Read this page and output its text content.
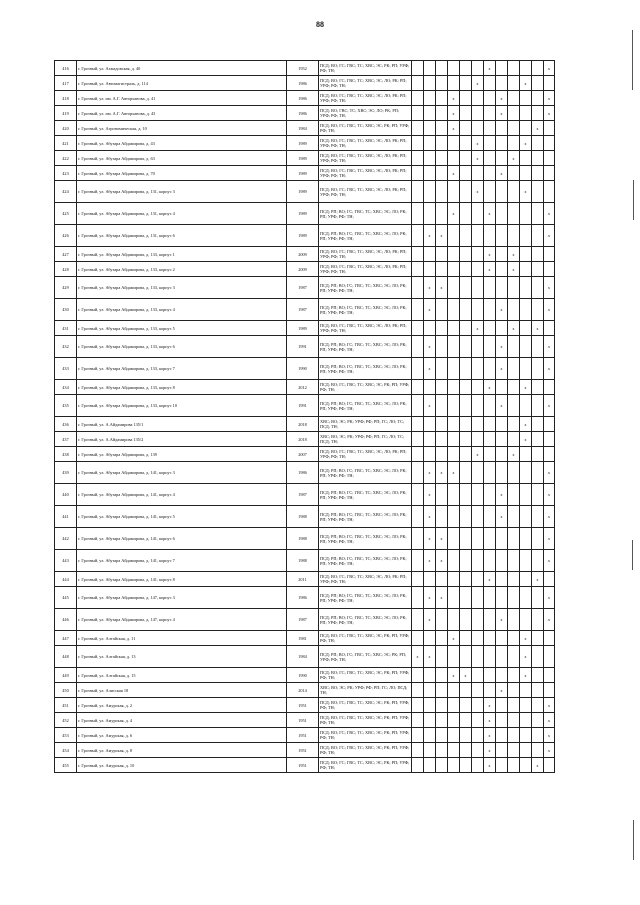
88
416	г. Грозный, ул. Ахмадовская, д. 40	1952	ПСД; ВО; ГС; ГВС; ТС; ХВС; ЭС; РК; РП; УРФ; РФ; ТН;							x					x
417	г. Грозный, ул. Автомагистраль, д. 114	1986	ПСД; ВО; ГС; ГВС; ТС; ХВС; ЭС; ЛО; РК; РП; УРФ; РФ; ТН;						x				x		
418	г. Грозный, ул. им. А.Г. Авторханова, д. 41	1986	ПСД; ВО; ГС; ГВС; ТС; ХВС; ЭС; ЛО; РК; РП; УРФ; РФ; ТН;				x				x				x
419	г. Грозный, ул. им. А.Г. Авторханова, д. 43	1986	ПСД; ВО; ГВС; ТС; ХВС; ЭС; ЛО; РК; РП; УРФ; РФ; ТН;				x				x				x
420	г. Грозный, ул. Агрономическая, д. 10	1984	ПСД; ВО; ГС; ГВС; ТС; ХВС; ЭС; РК; РП; УРФ; РФ; ТН;				x							x	
421	г. Грозный, ул. Абузара Айдамирова, д. 43	1989	ПСД; ВО; ГС; ГВС; ТС; ХВС; ЭС; ЛО; РК; РП; УРФ; РФ; ТН;						x				x		
422	г. Грозный, ул. Абузара Айдамирова, д. 63	1989	ПСД; ВО; ГС; ГВС; ТС; ХВС; ЭС; ЛО; РК; РП; УРФ; РФ; ТН;						x			x			
423	г. Грозный, ул. Абузара Айдамирова, д. 70	1989	ПСД; ВО; ГС; ГВС; ТС; ХВС; ЭС; ЛО; РК; РП; УРФ; РФ; ТН;				x				x				
424	г. Грозный, ул. Абузара Айдамирова, д. 131, корпус 3	1989	ПСД; ВО; ГС; ГВС; ТС; ХВС; ЭС; ЛО; РК; РП; УРФ; РФ; ТН;						x				x		
425	г. Грозный, ул. Абузара Айдамирова, д. 131, корпус 4	1989	ПСД; РП; ВО; ГС; ГВС; ТС; ХВС; ЭС; ЛО; РК; РП; УРФ; РФ; ТН;				x			x					x
426	г. Грозный, ул. Абузара Айдамирова, д. 131, корпус 6	1989	ПСД; РП; ВО; ГС; ГВС; ТС; ХВС; ЭС; ЛО; РК; РП; УРФ; РФ; ТН;		x	x									x
427	г. Грозный, ул. Абузара Айдамирова, д. 133, корпус 1	2009	ПСД; ВО; ГС; ГВС; ТС; ХВС; ЭС; ЛО; РК; РП; УРФ; РФ; ТН;							x		x			
428	г. Грозный, ул. Абузара Айдамирова, д. 133, корпус 2	2009	ПСД; ВО; ГС; ГВС; ТС; ХВС; ЭС; ЛО; РК; РП; УРФ; РФ; ТН;							x		x			
429	г. Грозный, ул. Абузара Айдамирова, д. 133, корпус 3	1987	ПСД; РП; ВО; ГС; ГВС; ТС; ХВС; ЭС; ЛО; РК; РП; УРФ; РФ; ТН;		x	x									x
430	г. Грозный, ул. Абузара Айдамирова, д. 133, корпус 4	1987	ПСД; РП; ВО; ГС; ГВС; ТС; ХВС; ЭС; ЛО; РК; РП; УРФ; РФ; ТН;		x						x				x
431	г. Грозный, ул. Абузара Айдамирова, д. 133, корпус 5	1989	ПСД; ВО; ГС; ГВС; ТС; ХВС; ЭС; ЛО; РК; РП; УРФ; РФ; ТН;						x			x		x	
432	г. Грозный, ул. Абузара Айдамирова, д. 133, корпус 6	1991	ПСД; РП; ВО; ГС; ГВС; ТС; ХВС; ЭС; ЛО; РК; РП; УРФ; РФ; ТН;		x						x				x
433	г. Грозный, ул. Абузара Айдамирова, д. 133, корпус 7	1990	ПСД; РП; ВО; ГС; ГВС; ТС; ХВС; ЭС; ЛО; РК; РП; УРФ; РФ; ТН;		x						x				x
434	г. Грозный, ул. Абузара Айдамирова, д. 133, корпус 8	2012	ПСД; ВО; ГС; ГВС; ТС; ХВС; ЭС; РК; РП; УРФ; РФ; ТН;							x			x		
435	г. Грозный, ул. Абузара Айдамирова, д. 133, корпус 10	1991	ПСД; РП; ВО; ГС; ГВС; ТС; ХВС; ЭС; ЛО; РК; РП; УРФ; РФ; ТН;		x						x				x
436	г. Грозный, ул. А.Айдамирова 135/1	2018	ХВС; ВО; ЭС; РК; УРФ; РФ; РП; ГС; ЛО; ТС; ПСД; ТН;										x		
437	г. Грозный, ул. А.Айдамирова 135/2	2018	ХВС; ВО; ЭС; РК; УРФ; РФ; РП; ГС; ЛО; ТС; ПСД; ТН;										x		
438	г. Грозный, ул. Абузара Айдамирова, д. 139	2007	ПСД; ВО; ГС; ГВС; ТС; ХВС; ЭС; ЛО; РК; РП; УРФ; РФ; ТН;						x			x			
439	г. Грозный, ул. Абузара Айдамирова, д. 141, корпус 3	1986	ПСД; РП; ВО; ГС; ГВС; ТС; ХВС; ЭС; ЛО; РК; РП; УРФ; РФ; ТН;		x	x	x								x
440	г. Грозный, ул. Абузара Айдамирова, д. 141, корпус 4	1987	ПСД; РП; ВО; ГС; ГВС; ТС; ХВС; ЭС; ЛО; РК; РП; УРФ; РФ; ТН;		x						x				x
441	г. Грозный, ул. Абузара Айдамирова, д. 141, корпус 5	1988	ПСД; РП; ВО; ГС; ГВС; ТС; ХВС; ЭС; ЛО; РК; РП; УРФ; РФ; ТН;		x						x				x
442	г. Грозный, ул. Абузара Айдамирова, д. 141, корпус 6	1988	ПСД; РП; ВО; ГС; ГВС; ТС; ХВС; ЭС; ЛО; РК; РП; УРФ; РФ; ТН;		x	x									x
443	г. Грозный, ул. Абузара Айдамирова, д. 141, корпус 7	1988	ПСД; РП; ВО; ГС; ГВС; ТС; ХВС; ЭС; ЛО; РК; РП; УРФ; РФ; ТН;		x	x									x
444	г. Грозный, ул. Абузара Айдамирова, д. 141, корпус 8	2011	ПСД; ВО; ГС; ГВС; ТС; ХВС; ЭС; ЛО; РК; РП; УРФ; РФ; ТН;							x				x	
445	г. Грозный, ул. Абузара Айдамирова, д. 147, корпус 3	1986	ПСД; РП; ВО; ГС; ГВС; ТС; ХВС; ЭС; ЛО; РК; РП; УРФ; РФ; ТН;		x	x									x
446	г. Грозный, ул. Абузара Айдамирова, д. 147, корпус 4	1987	ПСД; РП; ВО; ГС; ГВС; ТС; ХВС; ЭС; ЛО; РК; РП; УРФ; РФ; ТН;		x						x				x
447	г. Грозный, ул. Алтайская, д. 11	1981	ПСД; ВО; ГС; ГВС; ТС; ХВС; ЭС; РК; РП; УРФ; РФ; ТН;				x						x		
448	г. Грозный, ул. Алтайская, д. 13	1984	ПСД; РП; ВО; ГС; ГВС; ТС; ХВС; ЭС; РК; РП; УРФ; РФ; ТН;	x	x								x		
449	г. Грозный, ул. Алтайская, д. 15	1990	ПСД; ВО; ГС; ГВС; ТС; ХВС; ЭС; РК; РП; УРФ; РФ; ТН;				x	x					x		
450	г. Грозный, ул. Алисская 18	2014	ХВС; ВО; ЭС; РК; УРФ; РФ; РП; ГС; ЛО; ПСД; ТН;								x				
451	г. Грозный, ул. Амурская, д. 2	1951	ПСД; ВО; ГС; ГВС; ТС; ХВС; ЭС; РК; РП; УРФ; РФ; ТН;							x					x
452	г. Грозный, ул. Амурская, д. 4	1951	ПСД; ВО; ГС; ГВС; ТС; ХВС; ЭС; РК; РП; УРФ; РФ; ТН;							x					x
453	г. Грозный, ул. Амурская, д. 6	1951	ПСД; ВО; ГС; ГВС; ТС; ХВС; ЭС; РК; РП; УРФ; РФ; ТН;							x					x
454	г. Грозный, ул. Амурская, д. 8	1951	ПСД; ВО; ГС; ГВС; ТС; ХВС; ЭС; РК; РП; УРФ; РФ; ТН;							x					x
455	г. Грозный, ул. Амурская, д. 10	1951	ПСД; ВО; ГС; ГВС; ТС; ХВС; ЭС; РК; РП; УРФ; РФ; ТН;							x				x	
